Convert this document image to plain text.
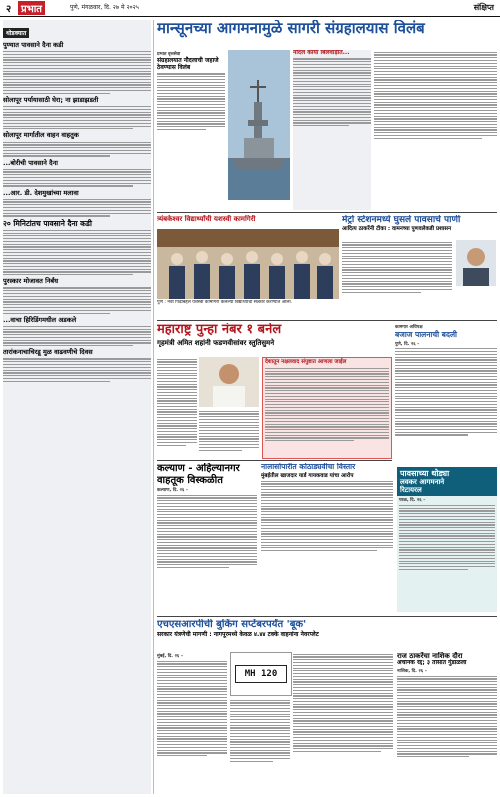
२ प्रभात	पुणे, मंगळवार, दि. २७ मे २०२५	संक्षिप्त
थोडक्यात
पुण्यात पावसाने दैना कडी
सोलापूर पर्यायासाठी घेरा; ना झाडाझडती
सोलापूर मार्गातील वाहन वाहतुक
...बोरीची पावसाने दैना
...आर. डी. देशमुखांच्या मलावा
२० मिनिटांतच पावसाने दैना कडी
पुरस्कार मोजावत निर्बंध
...वाचा हिरिडिंगमधील अडकले
तारांकनाचाचिरडू मुळ वाढवणीचे दिवस
मान्सूनच्या आगमनामुळे सागरी संग्रहालयास विलंब
प्रभात वृत्तसेवा
संग्रहालयात नौदलाची जहाजे ठेवण्यास विलंब
नौदल काया बिलवाड़ीत...
त्र्यंबकेश्वर विद्यार्थ्यांची यशस्वी कामगिरी
पुणे : नवी पिढीबद्दल यशस्वी कामगिरी केलेल्या विद्यार्थ्यांचा सत्कार करण्यात आला.
मेट्रो स्टेशनमध्ये घुसले पावसाचे पाणी
आदित्य ठाकरेंनी टीका : वामनच्या पुणवलेकडी प्रशासन
महाराष्ट्र पुन्हा नंबर १ बनेल
गृहमंत्री अमित शहांनी फडणवीसांवर स्तुतिसुमने
देशातून नक्षलवाद संपुष्टात आणला जाईल
कामगार अधिपक्ष
बजाज पालनाची बदली
पुणे, दि. २६ –
कल्याण - अहिल्यानगर
वाहतूक विस्कळीत
कल्याण, दि. २६ –
नालासोपारीत कोठाड्यवीचा विस्तार
मुंबईतील खाजदार यार्ड गायकवाड यांचा आरोप	पावसाच्या थोड्या
लवकर आगमनाने
रिटायरल
परळ, दि. २६ –
एचएसआरपीची बुकिंग सप्टेंबरपर्यंत 'बूक'
सरकार यंत्रणेची मागणी : नागपूरमध्ये केवळ ४.४४ टक्के वाहनांना नेवरप्लेट
मुंबई, दि. २६ –
MH 120
राज ठाकरेंचा नाशिक दौरा
अचानक रद्द; ३ तासात गुंडाळला
नाशिक, दि. २६ –
